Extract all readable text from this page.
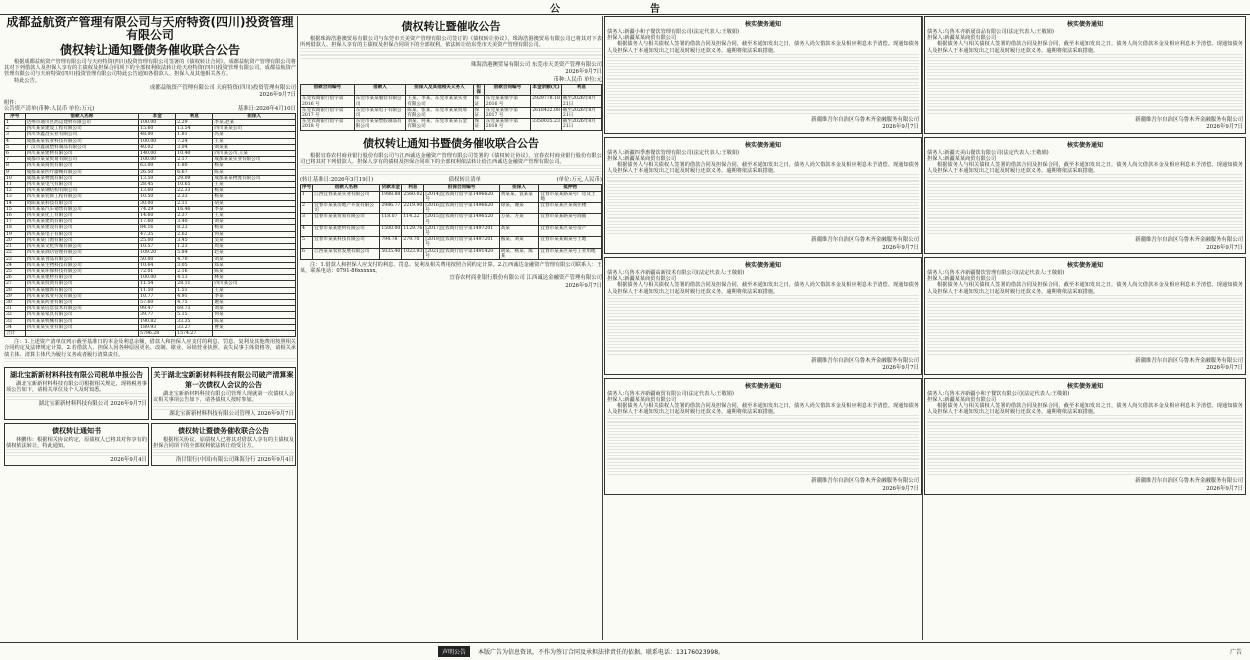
公　告
成都益航资产管理有限公司与天府特资(四川)投资管理有限公司
债权转让通知暨债务催收联合公告

根据成都益航资产管理有限公司与天府特资(四川)投资管理有限公司签署的《债权转让合同》，成都益航资产管理有限公司将其对下列借款人及担保人享有的主债权及担保合同项下的全部权利依法转让给天府特资(四川)投资管理有限公司。成都益航资产管理有限公司与天府特资(四川)投资管理有限公司特此公告通知各借款人、担保人及其他相关各方。

特此公告。

成都益航资产管理有限公司 天府特资(四川)投资管理有限公司
2026年9月7日
附件：
公告资产清单(币种:人民币 单位:万元)	基准日:2026年4月10日
序号	借款人名称	本金	利息	担保人
1	达州市通川区鸿运建材有限公司	100.00	2.29	李某,赵某
2	四川某某建设工程有限公司	15.60	13.54	四川某某公司
3	四川华鑫昌实业有限公司	48.00	1.81	冯某
4	成都某某农业科技有限公司	100.00	7.24	王某
5	广汉市鑫晟塑料制品有限公司	40.02	3.04	刘某某
6	四川某某建材有限公司	140.00	10.40	四川某公司,王某
7	成都市某某贸易有限公司	100.00	2.17	成都某某实业有限公司
8	四川某某商贸有限公司	63.00	1.80	杨某
9	成都某某医疗器械有限公司	26.50	6.67	陈某
10	成都某某物流有限公司	13.50	29.09	成都某某物流有限公司
11	四川某某电气有限公司	28.45	10.65	王某
12	四川某某钢结构有限公司	13.60	22.33	杨某
13	四川某某装饰工程有限公司	10.50	2.33	杨某
14	资阳某某科技有限公司	30.00	2.11	胡某
15	四川某某汽车销售有限公司	74.29	16.46	李某
16	四川某某化工有限公司	14.60	2.37	王某
17	四川某某建筑有限公司	17.60	3.40	刘某
18	四川某某建设有限公司	84.16	8.23	杨某
19	四川某某电子有限公司	47.35	2.62	何某
20	四川某某门窗有限公司	25.00	3.45	吴某
21	四川某某文化传媒有限公司	10.57	1.23	周某
22	四川某某酒店管理有限公司	109.20	5.84	赵某
23	四川某某食品有限公司	50.00	4.70	刘某
24	四川某某生物科技有限公司	10.64	3.05	郑某
25	四川某某环保科技有限公司	72.01	2.16	陈某
26	四川某某建材有限公司	100.00	4.13	林某
27	四川某某投资有限公司	11.54	28.11	四川某公司
28	四川某某服饰有限公司	11.50	1.51	王某
29	四川某某农业开发有限公司	10.77	4.91	李某
30	四川某某药业有限公司	57.60	4.75	谢某
31	四川某某信息技术有限公司	99.47	69.73	刘某
32	四川某某家具有限公司	39.77	5.15	何某
33	四川某某机械有限公司	190.82	33.35	陈某
34	四川某某实业有限公司	189.93	33.27	曹某
合计		5796.28	1574.27	

注：1.上述资产清单仅列示截至基准日的本金及利息余额，借款人和担保人应支付的利息、罚息、复利及其他费用按照相关合同约定及法律规定计算。2.若借款人、担保人因各种原因更名、改制、歇业、吊销营业执照、丧失民事主体资格等，请相关承债主体、清算主体代为履行义务或者履行清算责任。

湖北宝新新材料科技有限公司税单申报公告

湖北宝新新材料科技有限公司根据相关规定，现将税务事项公告如下，请相关单位及个人及时知悉。

湖北宝新新材料科技有限公司 2026年9月7日
关于湖北宝新新材料科技有限公司破产清算案第一次债权人会议的公告

湖北宝新新材料科技有限公司管理人现就第一次债权人会议相关事项公告如下，请各债权人按时参加。

湖北宝新新材料科技有限公司管理人 2026年9月7日
债权转让通知书

林鹏伟：根据相关协议约定，原债权人已将其对你享有的债权依法转让，特此通知。

2026年9月4日
债权转让暨债务催收联合公告

根据相关协议，原债权人已将其对借款人享有的主债权及担保合同项下的全部权利依法转让给受让方。

洛甘银行(中国)有限公司珠海分行 2026年9月4日
债权转让暨催收公告

根据珠海浩港澳贸易有限公司与东莞市天美资产管理有限公司签订的《债权转让协议》，珠海浩港澳贸易有限公司已将其对下表所列借款人、担保人享有的主债权及担保合同项下的全部权利，依法转让给东莞市天美资产管理有限公司。

珠海浩港澳贸易有限公司 东莞市天美资产管理有限公司
2026年9月7日
币种:人民币 单位:元
借款合同编号	借款人	担保人及其他相关义务人	担保	借款合同编号	本金余额(元)	利息
东莞农商银行借字第 2016 号	东莞市某某服装有限公司	王某、李某、东莞市某某实业有限公司	保证	东莞某某保字第 2016 号	2929778.18	截至2026年8月21日
东莞农商银行借字第 2017 号	东莞市某某电子有限公司	陈某、张某、东莞市某某贸易有限公司	保证	东莞某某保字第 2017 号	2618432.08	截至2026年8月21日
东莞农商银行借字第 2018 号	东莞市某某塑胶制品有限公司	刘某、何某、东莞市某某五金有限公司	保证	东莞某某保字第 2018 号	3350035.23	截至2026年8月21日
债权转让通知书暨债务催收联合公告

根据宜春农村商业银行股份有限公司与江西诚达金融资产管理有限公司签署的《债权转让协议》，宜春农村商业银行股份有限公司已将其对下列借款人、担保人享有的债权及担保合同项下的全部权利依法转让给江西诚达金融资产管理有限公司。

(转让基准日:2026年3月19日)	债权转让清单	(单位:万元,人民币)
序号	借款人名称	贷款本金	利息	担保合同编号	担保人	抵押物
1	江西宜春某某实业有限公司	1988.88	2560.02	[2014]宜农商行借字第1496620号	黄某某、袁某某	宜春市某某路某号厂房及土地
2	宜春市某某房地产开发有限公司	2986.77	2219.90	[2016]宜农商行借字第1496620号	徐某、谢某	宜春市某某区某商住楼
3	宜春市某某贸易有限公司	118.07	114.22	[2015]宜农商行借字第1496520号	万某、方某	宜春市某某路某号商铺
4	宜春市某某建材有限公司	1500.00	1129.76	[2017]宜农商行借字第1497201号	高某	宜春市某某区某号房产
5	宜春市某某科技有限公司	794.78	279.70	[2019]宜农商行借字第1497201号	熊某、刘某	宜春市某某镇某号土地
6	江西某某农业发展有限公司	5035.40	1023.93	[2021]宜农商行借字第1491420号	胡某、杨某、熊某	宜春市某某区某号工业用地

注：1.借款人和担保人应支付的利息、罚息、复利及相关费用按照合同约定计算。2.江西诚达金融资产管理有限公司联系人：王某，联系电话：0791-86xxxxxx。

宜春农村商业银行股份有限公司 江西诚达金融资产管理有限公司
2026年9月7日
核实债务通知
债务人:新疆小和子餐饮管理有限公司(法定代表人:王敬娟)
担保人:新疆某某商贸有限公司

根据债务人与相关债权人签署的借款合同及担保合同，截至本通知发出之日，债务人尚欠借款本金及相应利息未予清偿。现通知债务人及担保人于本通知发出之日起及时履行还款义务，逾期将依法采取措施。

新疆维吾尔自治区乌鲁木齐金融服务有限公司
2026年9月7日
核实债务通知
债务人:新疆四季惠餐饮管理有限公司(法定代表人:王敬娟)
担保人:新疆某某商贸有限公司

根据债务人与相关债权人签署的借款合同及担保合同，截至本通知发出之日，债务人尚欠借款本金及相应利息未予清偿。现通知债务人及担保人于本通知发出之日起及时履行还款义务，逾期将依法采取措施。

新疆维吾尔自治区乌鲁木齐金融服务有限公司
2026年9月7日
核实债务通知
债务人:乌鲁木齐新疆高新技术有限公司(法定代表人:王敬娟)
担保人:新疆某某商贸有限公司

根据债务人与相关债权人签署的借款合同及担保合同，截至本通知发出之日，债务人尚欠借款本金及相应利息未予清偿。现通知债务人及担保人于本通知发出之日起及时履行还款义务，逾期将依法采取措施。

新疆维吾尔自治区乌鲁木齐金融服务有限公司
2026年9月7日
核实债务通知
债务人:乌鲁木齐新疆商贸有限公司(法定代表人:王敬娟)
担保人:新疆某某商贸有限公司

根据债务人与相关债权人签署的借款合同及担保合同，截至本通知发出之日，债务人尚欠借款本金及相应利息未予清偿。现通知债务人及担保人于本通知发出之日起及时履行还款义务，逾期将依法采取措施。

新疆维吾尔自治区乌鲁木齐金融服务有限公司
2026年9月7日
核实债务通知
债务人:乌鲁木齐新晟食品有限公司(法定代表人:王敬娟)
担保人:新疆某某商贸有限公司

根据债务人与相关债权人签署的借款合同及担保合同，截至本通知发出之日，债务人尚欠借款本金及相应利息未予清偿。现通知债务人及担保人于本通知发出之日起及时履行还款义务，逾期将依法采取措施。

新疆维吾尔自治区乌鲁木齐金融服务有限公司
2026年9月7日
核实债务通知
债务人:新疆天美山餐饮有限公司(法定代表人:王敬娟)
担保人:新疆某某商贸有限公司

根据债务人与相关债权人签署的借款合同及担保合同，截至本通知发出之日，债务人尚欠借款本金及相应利息未予清偿。现通知债务人及担保人于本通知发出之日起及时履行还款义务，逾期将依法采取措施。

新疆维吾尔自治区乌鲁木齐金融服务有限公司
2026年9月7日
核实债务通知
债务人:乌鲁木齐新疆餐饮管理有限公司(法定代表人:王敬娟)
担保人:新疆某某商贸有限公司

根据债务人与相关债权人签署的借款合同及担保合同，截至本通知发出之日，债务人尚欠借款本金及相应利息未予清偿。现通知债务人及担保人于本通知发出之日起及时履行还款义务，逾期将依法采取措施。

新疆维吾尔自治区乌鲁木齐金融服务有限公司
2026年9月7日
核实债务通知
债务人:乌鲁木齐新疆小和子餐饮有限公司(法定代表人:王敬娟)
担保人:新疆某某商贸有限公司

根据债务人与相关债权人签署的借款合同及担保合同，截至本通知发出之日，债务人尚欠借款本金及相应利息未予清偿。现通知债务人及担保人于本通知发出之日起及时履行还款义务，逾期将依法采取措施。

新疆维吾尔自治区乌鲁木齐金融服务有限公司
2026年9月7日
声明公告	本版广告为信息资讯，不作为签订合同及承担法律责任的依据。联系电话：13176023998。	广告
